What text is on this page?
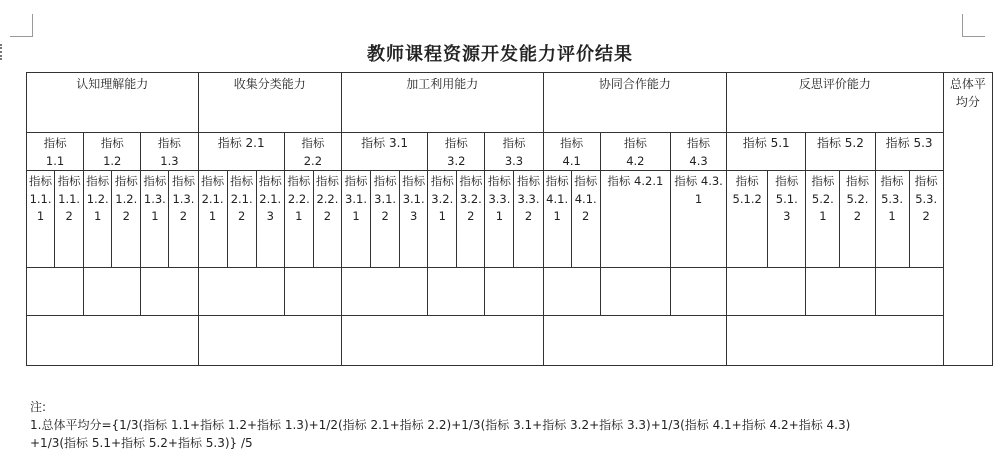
教师课程资源开发能力评价结果
认知理解能力						收集分类能力					加工利用能力							协同合作能力				反思评价能力						总体平均分

指标 1.1		指标 1.2		指标 1.3		指标 2.1			指标 2.2		指标 3.1			指标 3.2		指标 3.3		指标 4.1		指标 4.2	指标 4.3	指标 5.1		指标 5.2		指标 5.3		

指标1.1.1	指标1.1.2	指标1.2.1	指标1.2.2	指标1.3.1	指标1.3.2	指标2.1.1	指标2.1.2	指标2.1.3	指标2.2.1	指标2.2.2	指标3.1.1	指标3.1.2	指标3.1.3	指标3.2.1	指标3.2.2	指标3.3.1	指标3.3.2	指标4.1.1	指标4.1.2	指标 4.2.1	指标 4.3.1	指标5.1.2	指标5.1.3	指标5.2.1	指标5.2.2	指标5.3.1	指标5.3.2	

注:
1.总体平均分={1/3(指标 1.1+指标 1.2+指标 1.3)+1/2(指标 2.1+指标 2.2)+1/3(指标 3.1+指标 3.2+指标 3.3)+1/3(指标 4.1+指标 4.2+指标 4.3)
+1/3(指标 5.1+指标 5.2+指标 5.3)} /5
